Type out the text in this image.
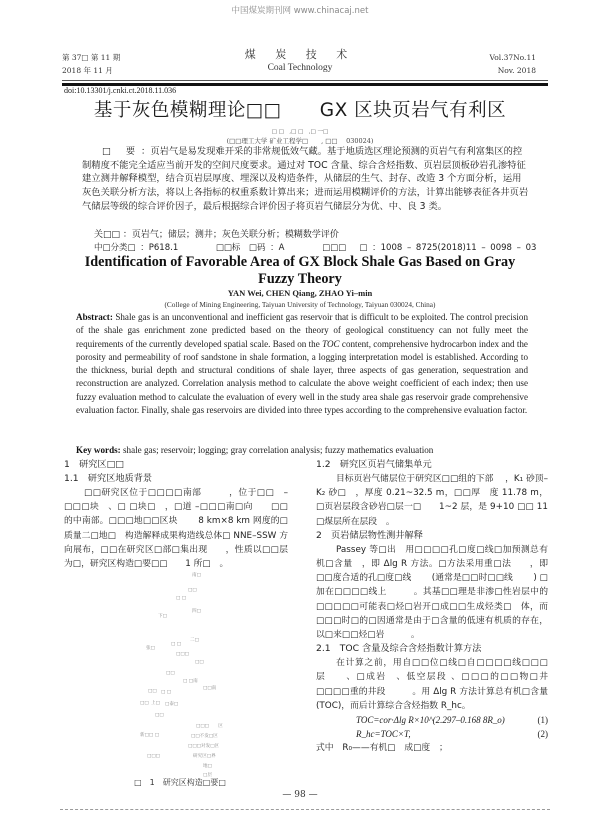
中国煤炭期刊网 www.chinacaj.net
第 37□ 第 11 期
2018 年 11 月
煤 炭 技 术
Coal Technology
Vol.37No.11
Nov. 2018
doi:10.13301/j.cnki.ct.2018.11.036
基于灰色模糊理论□□　　GX 区块页岩气有利区
□ □　,□ □　,□ 一□
(□□理工大学 矿业工程学□　　, □□　 030024)
□ 要：页岩气是易发现难开采的非常规低效气藏。基于地质选区理论预测的页岩气有利富集区的控制精度不能完全适应当前开发的空间尺度要求。通过对 TOC 含量、综合含烃指数、页岩层顶板砂岩孔渗特征建立测井解释模型，结合页岩层厚度、埋深以及构造条件，从储层的生气、封存、改造 3 个方面分析，运用灰色关联分析方法，将以上各指标的权重系数计算出来；进而运用模糊评价的方法，计算出能够表征各井页岩气储层等级的综合评价因子，最后根据综合评价因子将页岩气储层分为优、中、良 3 类。
关□□ ：页岩气；储层；测井；灰色关联分析；模糊数学评价
中□分类□ ：P618.1	□□标　□码 ：A	□□□　 □ ：1008 – 8725(2018)11 – 0098 – 03
Identification of Favorable Area of GX Block Shale Gas Based on Gray Fuzzy Theory
YAN Wei, CHEN Qiang, ZHAO Yi–min
(College of Mining Engineering, Taiyuan University of Technology, Taiyuan 030024, China)
Abstract: Shale gas is an unconventional and inefficient gas reservoir that is difficult to be exploited. The control precision of the shale gas enrichment zone predicted based on the theory of geological constituency can not fully meet the requirements of the currently developed spatial scale. Based on the TOC content, comprehensive hydrocarbon index and the porosity and permeability of roof sandstone in shale formation, a logging interpretation model is established. According to the thickness, burial depth and structural conditions of shale layer, three aspects of gas generation, sequestration and reconstruction are analyzed. Correlation analysis method to calculate the above weight coefficient of each index; then use fuzzy evaluation method to calculate the evaluation of every well in the study area shale gas reservoir grade comprehensive evaluation factor. Finally, shale gas reservoirs are divided into three types according to the comprehensive evaluation factor.
Key words: shale gas; reservoir; logging; gray correlation analysis; fuzzy mathematics evaluation
1　研究区□□
1.1　研究区地质背景
□□研究区位于□□□□南部　　　，位于□□　–□□□块　、□ □块□　，□道 –□□□南□向　　□□　的中南部。□□□地□□区块　　 8 km×8 km 网度的□质量二□地□　构造解释成果构造线总体□ NNE–SSW 方向展布，□□在研究区□部□集出现　　，性质以□□层为□，研究区构造□要□□　　1 所□　。
南□
□□
□ □
下□
四□
二□
张□
□ □
□□□
□□
□□
□ □南
□□南
□□ □ □
□□ 上□ □泰□
□□
□□□　　区
新□□ □	□□不发□区
□□□对发□区
□□□	研究区□界
地□
□层
□　1　研究区构造□要□
1.2　研究区页岩气储集单元
目标页岩气储层位于研究区□□组的下部　 ，K₁ 砂顶–K₂ 砂□　，厚度 0.21~32.5 m，□□厚　度 11.78 m，□页岩层段含砂岩□层一□　　1~2 层，是 9+10 □□ 11 □煤层所在层段　。
2　页岩储层物性测井解释
Passey 等□出　用□□□□孔□度□线□加预测总有机□含量　，即 Δlg R 方法。□方法采用重□法　　，即□□度合适的孔□度□线　　 (通常是□□时□□线　　 ) □加在□□□□线上　　　。其基□□理是非渗□性岩层中的□□□□□可能表□烃□岩开□成□□生成烃类□　体，而□□□时□的□因通常是由于□含量的低速有机质的存在，以□来□□烃□岩　　　。
2.1　TOC 含量及综合含烃指数计算方法
在计算之前，用自□□位□线□自□□□□线□□□层　　、□成岩　、低空层段 、□□□的□□物□井□□□□重的井段　　　。用 Δlg R 方法计算总有机□含量(TOC)，而后计算综合含烃指数 R_hc。
TOC=cor·Δlg R×10^(2.297–0.168 8R_o)	(1)
R_hc=TOC×T,	(2)
式中　R₀——有机□　成□度　；
— 98 —
